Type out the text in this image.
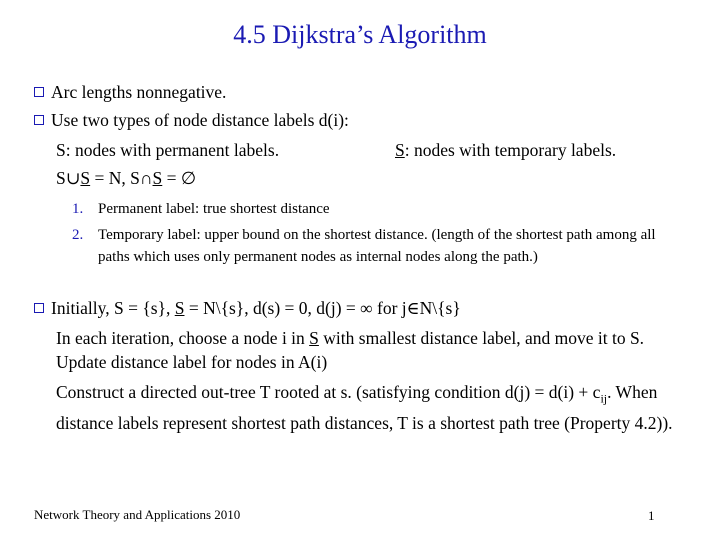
4.5 Dijkstra’s Algorithm
Arc lengths nonnegative.
Use two types of node distance labels d(i):
S: nodes with permanent labels.	S: nodes with temporary labels.
S∪S = N, S∩S = ∅
1. Permanent label: true shortest distance
2. Temporary label: upper bound on the shortest distance. (length of the shortest path among all paths which uses only permanent nodes as internal nodes along the path.)
Initially, S = {s}, S = N\{s}, d(s) = 0, d(j) = ∞ for j∈N\{s}
In each iteration, choose a node i in S with smallest distance label, and move it to S. Update distance label for nodes in A(i)
Construct a directed out-tree T rooted at s. (satisfying condition $d(j) = d(i) + c_{ij}$. When distance labels represent shortest path distances, T is a shortest path tree (Property 4.2)).
Network Theory and Applications 2010	1
